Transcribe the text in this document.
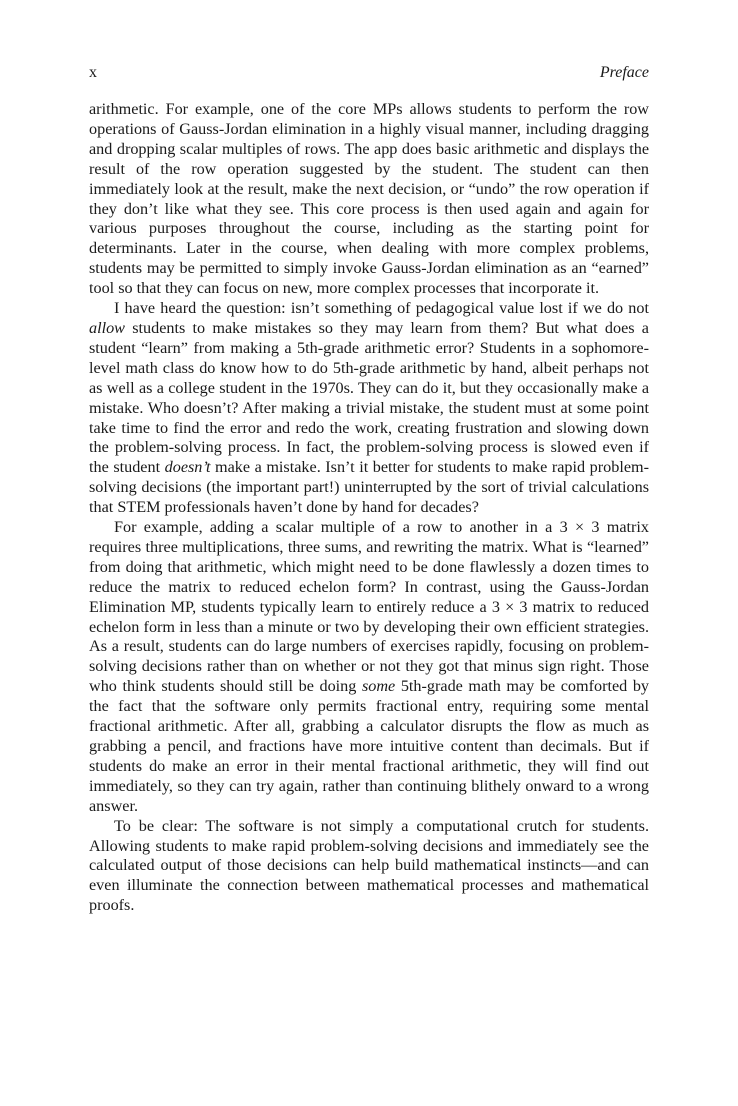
x	Preface

arithmetic. For example, one of the core MPs allows students to perform the row operations of Gauss-Jordan elimination in a highly visual manner, including dragging and dropping scalar multiples of rows. The app does basic arithmetic and displays the result of the row operation suggested by the student. The student can then immediately look at the result, make the next decision, or “undo” the row operation if they don’t like what they see. This core process is then used again and again for various purposes throughout the course, including as the starting point for determinants. Later in the course, when dealing with more complex problems, students may be permitted to simply invoke Gauss-Jordan elimination as an “earned” tool so that they can focus on new, more complex processes that incorporate it.

I have heard the question: isn’t something of pedagogical value lost if we do not allow students to make mistakes so they may learn from them? But what does a student “learn” from making a 5th-grade arithmetic error? Students in a sophomore-level math class do know how to do 5th-grade arithmetic by hand, albeit perhaps not as well as a college student in the 1970s. They can do it, but they occasionally make a mistake. Who doesn’t? After making a trivial mistake, the student must at some point take time to find the error and redo the work, creating frustration and slowing down the problem-solving process. In fact, the problem-solving process is slowed even if the student doesn’t make a mistake. Isn’t it better for students to make rapid problem-solving decisions (the important part!) uninterrupted by the sort of trivial calculations that STEM professionals haven’t done by hand for decades?

For example, adding a scalar multiple of a row to another in a 3 × 3 matrix requires three multiplications, three sums, and rewriting the matrix. What is “learned” from doing that arithmetic, which might need to be done flawlessly a dozen times to reduce the matrix to reduced echelon form? In contrast, using the Gauss-Jordan Elimination MP, students typically learn to entirely reduce a 3 × 3 matrix to reduced echelon form in less than a minute or two by developing their own efficient strategies. As a result, students can do large numbers of exercises rapidly, focusing on problem-solving decisions rather than on whether or not they got that minus sign right. Those who think students should still be doing some 5th-grade math may be comforted by the fact that the software only permits fractional entry, requiring some mental fractional arithmetic. After all, grabbing a calculator disrupts the flow as much as grabbing a pencil, and fractions have more intuitive content than decimals. But if students do make an error in their mental fractional arithmetic, they will find out immediately, so they can try again, rather than continuing blithely onward to a wrong answer.

To be clear: The software is not simply a computational crutch for students. Allowing students to make rapid problem-solving decisions and immediately see the calculated output of those decisions can help build mathematical instincts—and can even illuminate the connection between mathematical processes and mathematical proofs.
